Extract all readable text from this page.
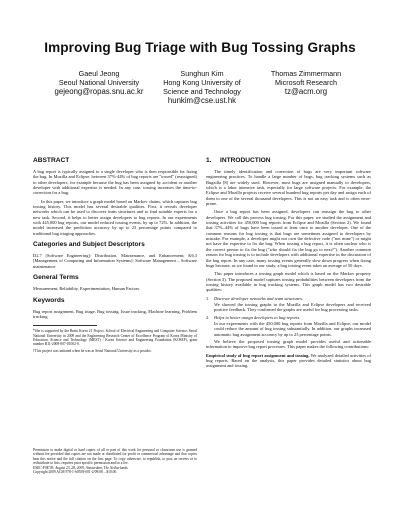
Improving Bug Triage with Bug Tossing Graphs
Gaeul Jeong
Seoul National University
gejeong@ropas.snu.ac.kr
Sunghun Kim
Hong Kong University of
Science and Technology
hunkim@cse.ust.hk
Thomas Zimmermann
Microsoft Research
tz@acm.org
ABSTRACT

A bug report is typically assigned to a single developer who is then responsible for fixing the bug. In Mozilla and Eclipse, between 37%-44% of bug reports are "tossed" (reassigned) to other developers, for example because the bug has been assigned by accident or another developer with additional expertise is needed. In any case, tossing increases the time-to-correction for a bug.

In this paper, we introduce a graph model based on Markov chains, which captures bug tossing history. This model has several desirable qualities. First, it reveals developer networks which can be used to discover team structures and to find suitable experts for a new task. Second, it helps to better assign developers to bug reports. In our experiments with 445,000 bug reports, our model reduced tossing events, by up to 72%. In addition, the model increased the prediction accuracy by up to 23 percentage points compared to traditional bug triaging approaches.

Categories and Subject Descriptors

D2.7 [Software Engineering]: Distribution, Maintenance, and Enhancement; K6.3 [Management of Computing and Information Systems]: Software Management – Software maintenance

General Terms

Measurement, Reliability, Experimentation, Human Factors.

Keywords

Bug report assignment, Bug triage, Bug tossing, Issue tracking, Machine learning, Problem tracking

*She is supported by the Brain Korea 21 Project, School of Electrical Engineering and Computer Science, Seoul National University in 2009 and the Engineering Research Center of Excellence Program of Korea Ministry of Education, Science and Technology (MEST) / Korea Science and Engineering Foundation (KOSEF), grant number R11-2008-007-01002-0.

†This project was initiated when he was at Seoul National University as a postdoc.

Permission to make digital or hard copies of all or part of this work for personal or classroom use is granted without fee provided that copies are not made or distributed for profit or commercial advantage and that copies bear this notice and the full citation on the first page. To copy otherwise, to republish, to post on servers or to redistribute to lists, requires prior specific permission and/or a fee.

ESEC-FSE'09, August 23–28, 2009, Amsterdam, The Netherlands.

Copyright 2009 ACM 978-1-60558-001-2/09/08 ...$10.00.

1. INTRODUCTION

The timely identification and correction of bugs are very important software engineering practices. To handle a large number of bugs, bug tracking systems such as Bugzilla [8] are widely used. However, most bugs are assigned manually to developers, which is a labor intensive task, especially for large software projects. For example, the Eclipse and Mozilla projects receive several hundred bug reports per day and assign each of them to one of the several thousand developers. This is not an easy task and is often error-prone.

Once a bug report has been assigned, developers can reassign the bug to other developers. We call this process bug tossing. For this paper, we studied the assignment and tossing activities for 450,000 bug reports from Eclipse and Mozilla (Section 2). We found that 37%–44% of bugs have been tossed at least once to another developer. One of the common reasons for bug tossing is that bugs are sometimes assigned to developers by mistake. For example, a developer might not own the defective code ("not mine") or might not have the expertise to fix the bug. When tossing a bug report, it is often unclear who is the correct person to fix the bug ("who should fix the bug go to next?"). Another common reason for bug tossing is to include developers with additional expertise in the discussion of the bug report. In any case, many tossing events generally slow down progress when fixing bugs because, as we found in our study, a bug tossing event takes an average of 50 days.

This paper introduces a tossing graph model which is based on the Markov property (Section 3). The proposed model captures tossing probabilities between developers from the tossing history available in bug tracking systems. This graph model has two desirable qualities:

1. Discover developer networks and team structures.
We showed the tossing graphs to the Mozilla and Eclipse developers and received positive feedback. They confirmed the graphs are useful for bug processing tasks.
2. Helps to better assign developers to bug reports.
In our experiments with the 450,000 bug reports from Mozilla and Eclipse, our model could reduce the amount of bug tossing substantially. In addition, our graphs increased automatic bug assignment accuracy by up to 23 percentage points.

We believe the proposed tossing graph model provides useful and actionable information to improve bug report processes. This paper makes the following contributions:

Empirical study of bug report assignment and tossing. We analyzed detailed activities of bug reports. Based on the analysis, this paper provides detailed statistics about bug assignment and tossing.
